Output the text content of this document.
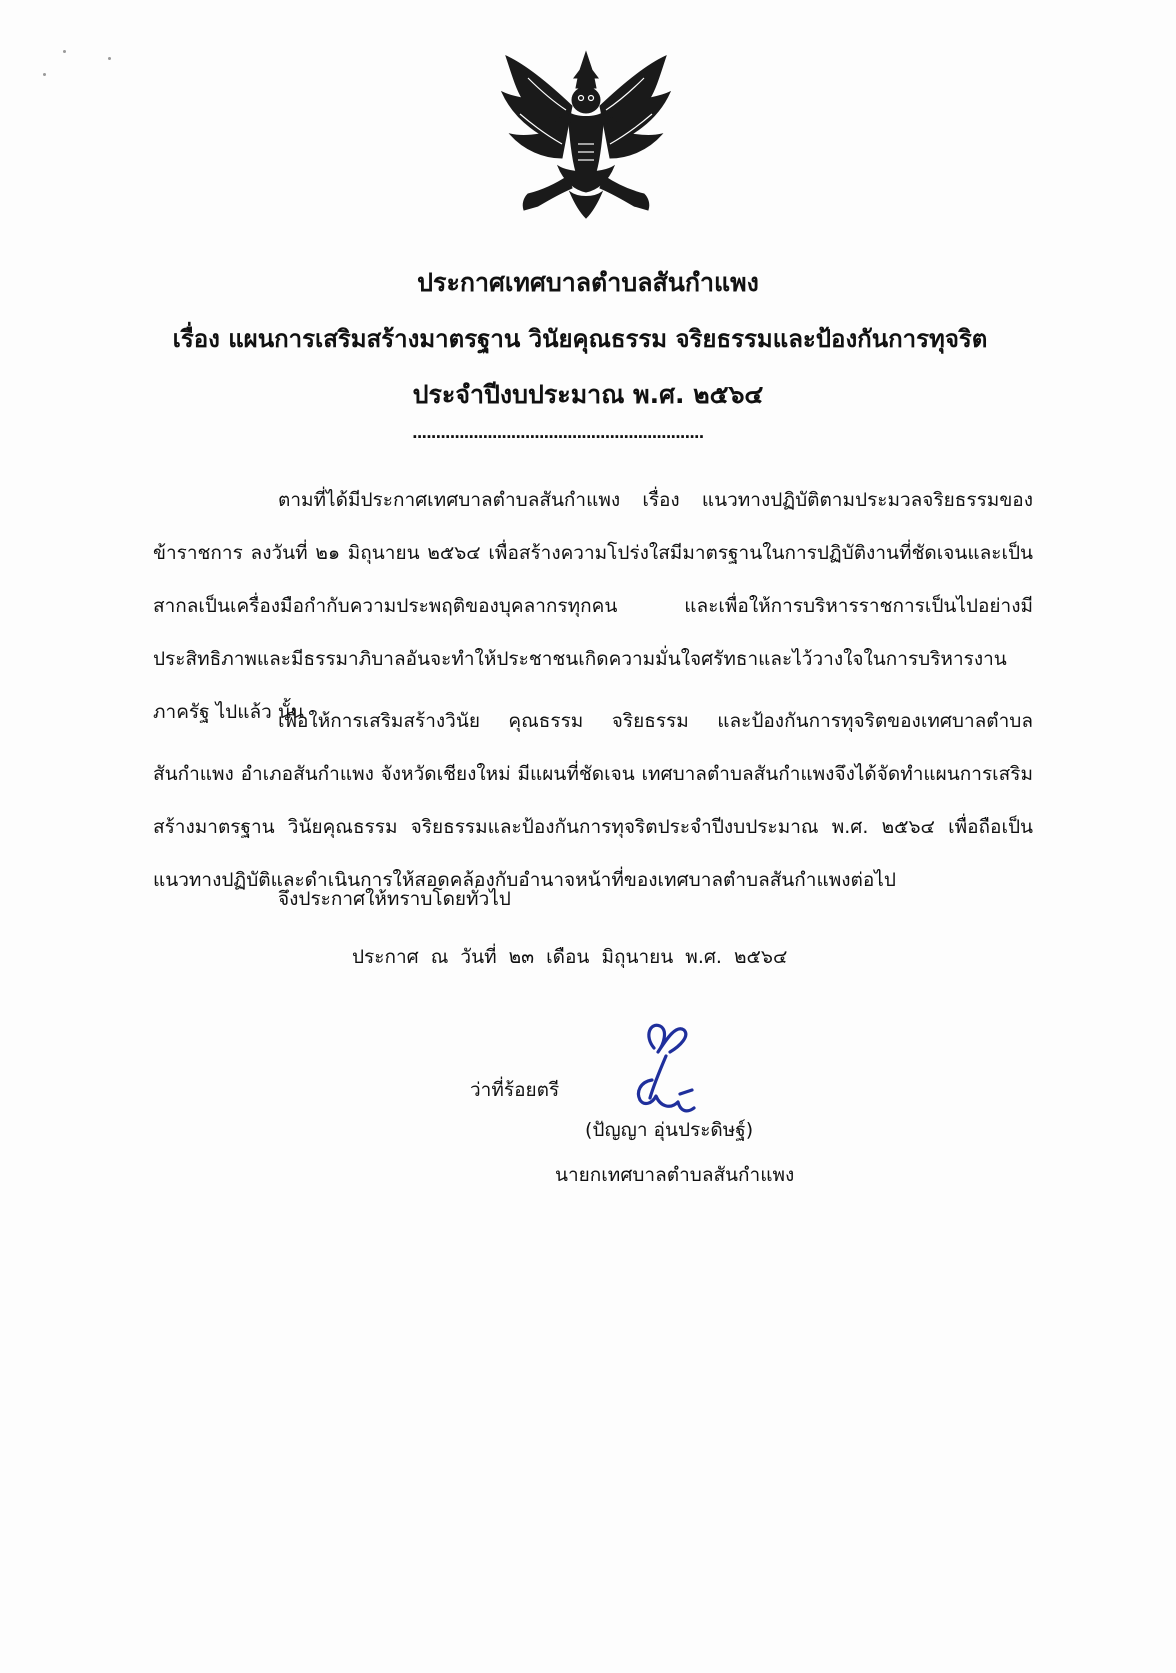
ประกาศเทศบาลตำบลสันกำแพง
เรื่อง แผนการเสริมสร้างมาตรฐาน วินัยคุณธรรม จริยธรรมและป้องกันการทุจริต
ประจำปีงบประมาณ พ.ศ. ๒๕๖๔
..............................................................
ตามที่ได้มีประกาศเทศบาลตำบลสันกำแพง เรื่อง แนวทางปฏิบัติตามประมวลจริยธรรมของข้าราชการ ลงวันที่ ๒๑ มิถุนายน ๒๕๖๔ เพื่อสร้างความโปร่งใสมีมาตรฐานในการปฏิบัติงานที่ชัดเจนและเป็นสากลเป็นเครื่องมือกำกับความประพฤติของบุคลากรทุกคน และเพื่อให้การบริหารราชการเป็นไปอย่างมีประสิทธิภาพและมีธรรมาภิบาลอันจะทำให้ประชาชนเกิดความมั่นใจศรัทธาและไว้วางใจในการบริหารงานภาครัฐ ไปแล้ว นั้น
เพื่อให้การเสริมสร้างวินัย คุณธรรม จริยธรรม และป้องกันการทุจริตของเทศบาลตำบลสันกำแพง อำเภอสันกำแพง จังหวัดเชียงใหม่ มีแผนที่ชัดเจน เทศบาลตำบลสันกำแพงจึงได้จัดทำแผนการเสริมสร้างมาตรฐาน วินัยคุณธรรม จริยธรรมและป้องกันการทุจริตประจำปีงบประมาณ พ.ศ. ๒๕๖๔ เพื่อถือเป็นแนวทางปฏิบัติและดำเนินการให้สอดคล้องกับอำนาจหน้าที่ของเทศบาลตำบลสันกำแพงต่อไป
จึงประกาศให้ทราบโดยทั่วไป
ประกาศ ณ วันที่ ๒๓ เดือน มิถุนายน พ.ศ. ๒๕๖๔
ว่าที่ร้อยตรี
(ปัญญา อุ่นประดิษฐ์)
นายกเทศบาลตำบลสันกำแพง
